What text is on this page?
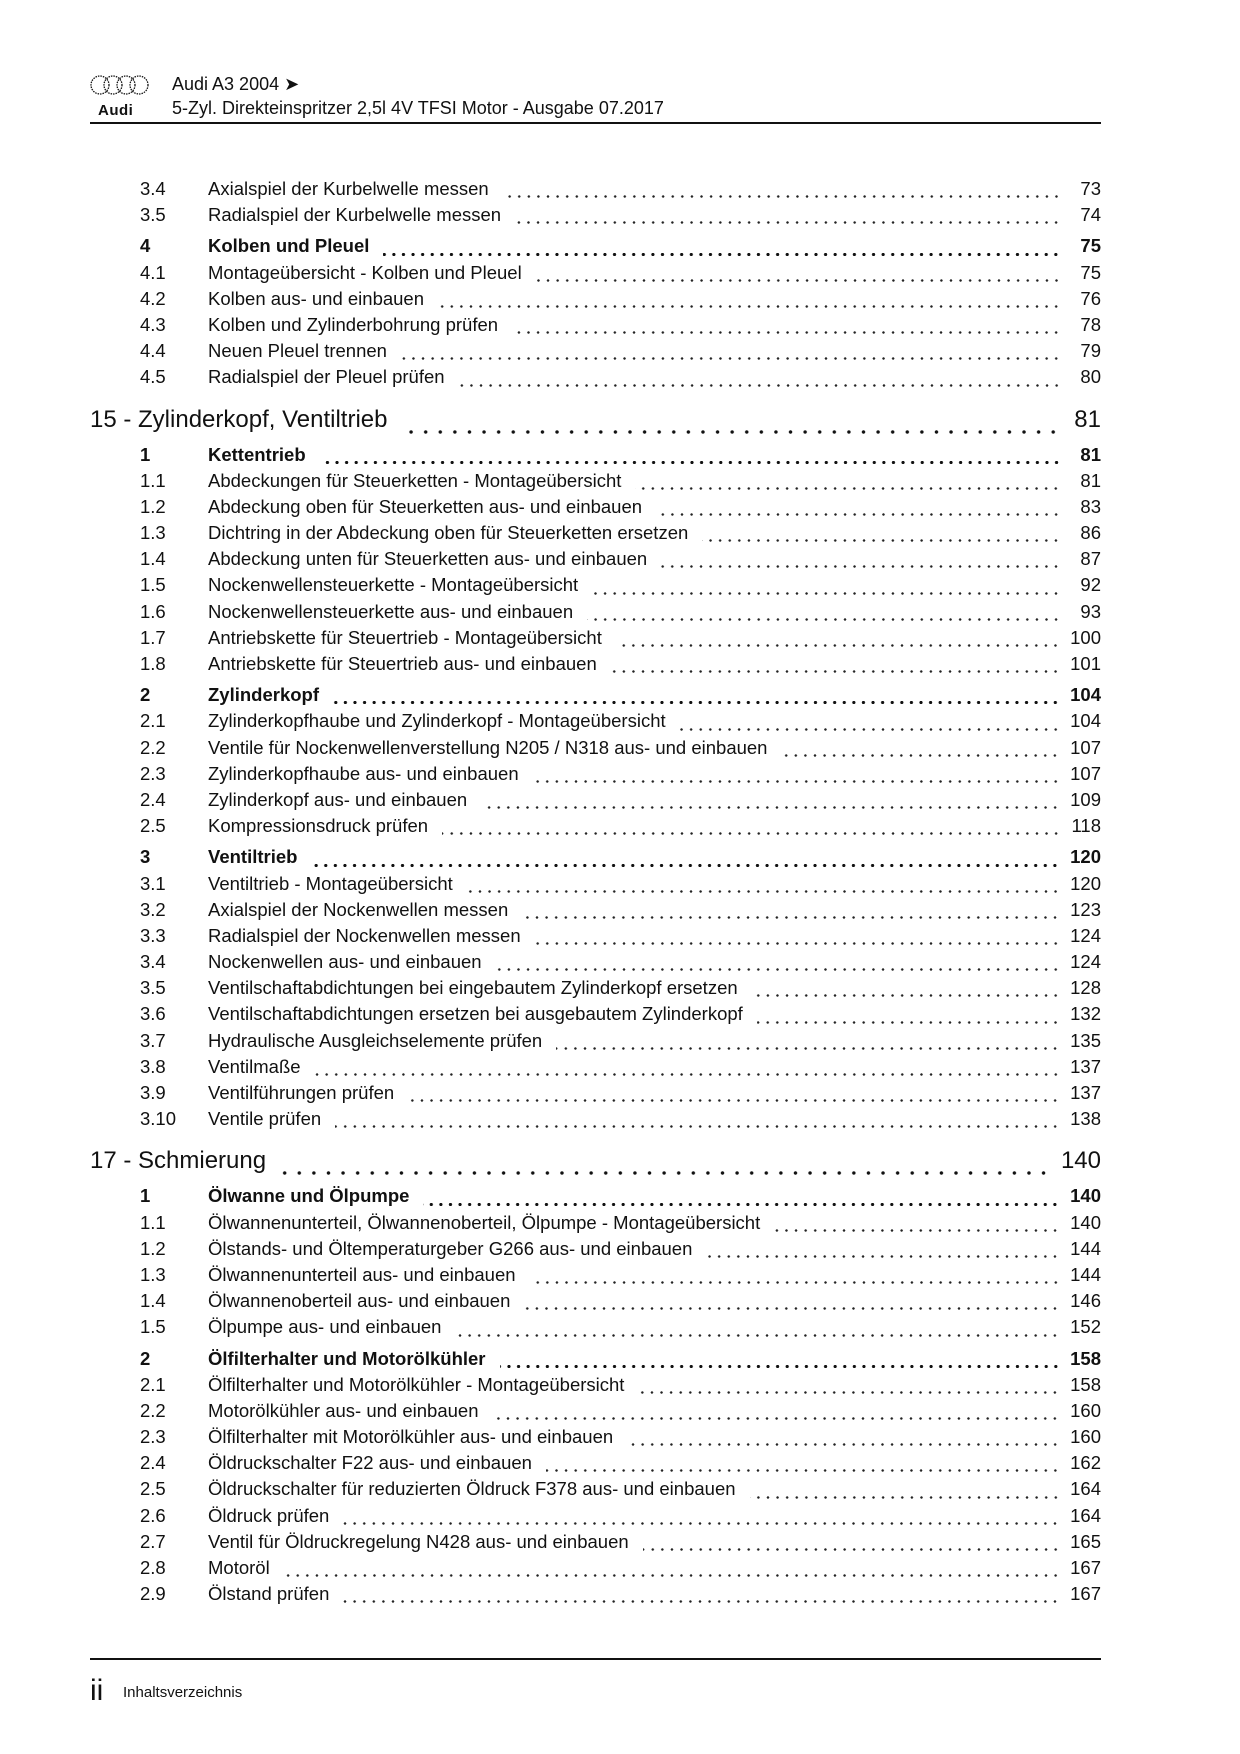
Audi
Audi A3 2004 ➤
5-Zyl. Direkteinspritzer 2,5l 4V TFSI Motor - Ausgabe 07.2017
3.4	Axialspiel der Kurbelwelle messen	73
3.5	Radialspiel der Kurbelwelle messen	74
4	Kolben und Pleuel	75
4.1	Montageübersicht - Kolben und Pleuel	75
4.2	Kolben aus- und einbauen	76
4.3	Kolben und Zylinderbohrung prüfen	78
4.4	Neuen Pleuel trennen	79
4.5	Radialspiel der Pleuel prüfen	80
15 - Zylinderkopf, Ventiltrieb	81
1	Kettentrieb	81
1.1	Abdeckungen für Steuerketten - Montageübersicht	81
1.2	Abdeckung oben für Steuerketten aus- und einbauen	83
1.3	Dichtring in der Abdeckung oben für Steuerketten ersetzen	86
1.4	Abdeckung unten für Steuerketten aus- und einbauen	87
1.5	Nockenwellensteuerkette - Montageübersicht	92
1.6	Nockenwellensteuerkette aus- und einbauen	93
1.7	Antriebskette für Steuertrieb - Montageübersicht	100
1.8	Antriebskette für Steuertrieb aus- und einbauen	101
2	Zylinderkopf	104
2.1	Zylinderkopfhaube und Zylinderkopf - Montageübersicht	104
2.2	Ventile für Nockenwellenverstellung N205 / N318 aus- und einbauen	107
2.3	Zylinderkopfhaube aus- und einbauen	107
2.4	Zylinderkopf aus- und einbauen	109
2.5	Kompressionsdruck prüfen	118
3	Ventiltrieb	120
3.1	Ventiltrieb - Montageübersicht	120
3.2	Axialspiel der Nockenwellen messen	123
3.3	Radialspiel der Nockenwellen messen	124
3.4	Nockenwellen aus- und einbauen	124
3.5	Ventilschaftabdichtungen bei eingebautem Zylinderkopf ersetzen	128
3.6	Ventilschaftabdichtungen ersetzen bei ausgebautem Zylinderkopf	132
3.7	Hydraulische Ausgleichselemente prüfen	135
3.8	Ventilmaße	137
3.9	Ventilführungen prüfen	137
3.10	Ventile prüfen	138
17 - Schmierung	140
1	Ölwanne und Ölpumpe	140
1.1	Ölwannenunterteil, Ölwannenoberteil, Ölpumpe - Montageübersicht	140
1.2	Ölstands- und Öltemperaturgeber G266 aus- und einbauen	144
1.3	Ölwannenunterteil aus- und einbauen	144
1.4	Ölwannenoberteil aus- und einbauen	146
1.5	Ölpumpe aus- und einbauen	152
2	Ölfilterhalter und Motorölkühler	158
2.1	Ölfilterhalter und Motorölkühler - Montageübersicht	158
2.2	Motorölkühler aus- und einbauen	160
2.3	Ölfilterhalter mit Motorölkühler aus- und einbauen	160
2.4	Öldruckschalter F22 aus- und einbauen	162
2.5	Öldruckschalter für reduzierten Öldruck F378 aus- und einbauen	164
2.6	Öldruck prüfen	164
2.7	Ventil für Öldruckregelung N428 aus- und einbauen	165
2.8	Motoröl	167
2.9	Ölstand prüfen	167
ii Inhaltsverzeichnis
